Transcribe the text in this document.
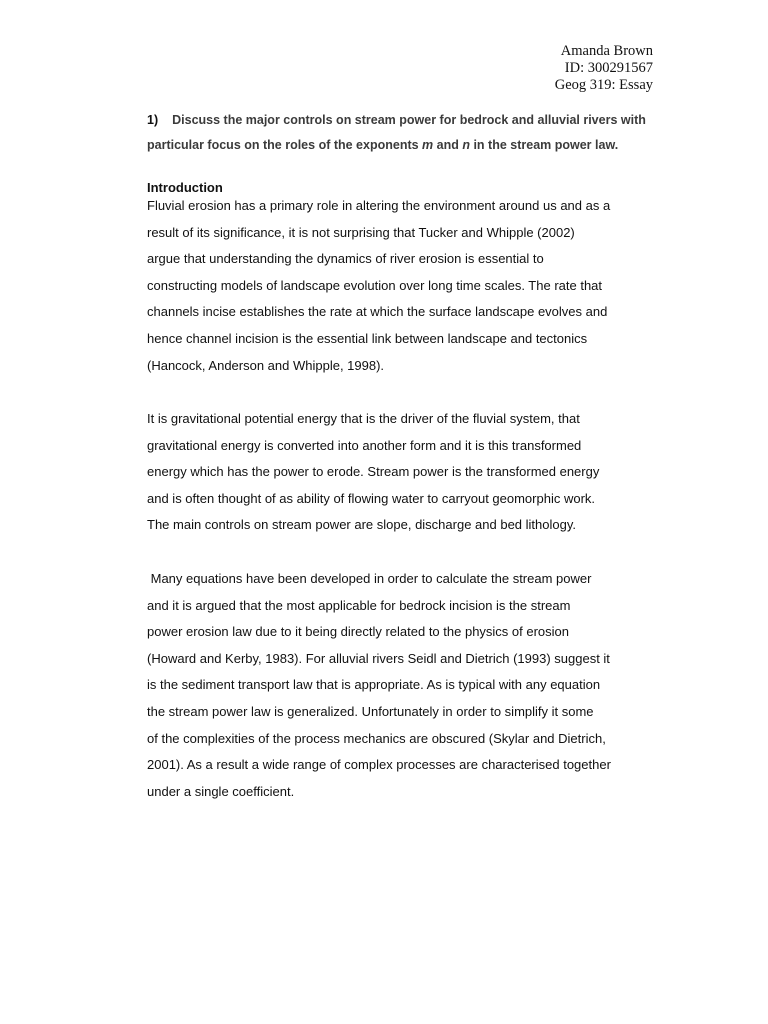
Amanda Brown
ID: 300291567
Geog 319: Essay
1) Discuss the major controls on stream power for bedrock and alluvial rivers with
particular focus on the roles of the exponents m and n in the stream power law.
Introduction

Fluvial erosion has a primary role in altering the environment around us and as a
result of its significance, it is not surprising that Tucker and Whipple (2002)
argue that understanding the dynamics of river erosion is essential to
constructing models of landscape evolution over long time scales. The rate that
channels incise establishes the rate at which the surface landscape evolves and
hence channel incision is the essential link between landscape and tectonics
(Hancock, Anderson and Whipple, 1998).

It is gravitational potential energy that is the driver of the fluvial system, that
gravitational energy is converted into another form and it is this transformed
energy which has the power to erode. Stream power is the transformed energy
and is often thought of as ability of flowing water to carryout geomorphic work.
The main controls on stream power are slope, discharge and bed lithology.

Many equations have been developed in order to calculate the stream power
and it is argued that the most applicable for bedrock incision is the stream
power erosion law due to it being directly related to the physics of erosion
(Howard and Kerby, 1983). For alluvial rivers Seidl and Dietrich (1993) suggest it
is the sediment transport law that is appropriate. As is typical with any equation
the stream power law is generalized. Unfortunately in order to simplify it some
of the complexities of the process mechanics are obscured (Skylar and Dietrich,
2001). As a result a wide range of complex processes are characterised together
under a single coefficient.
